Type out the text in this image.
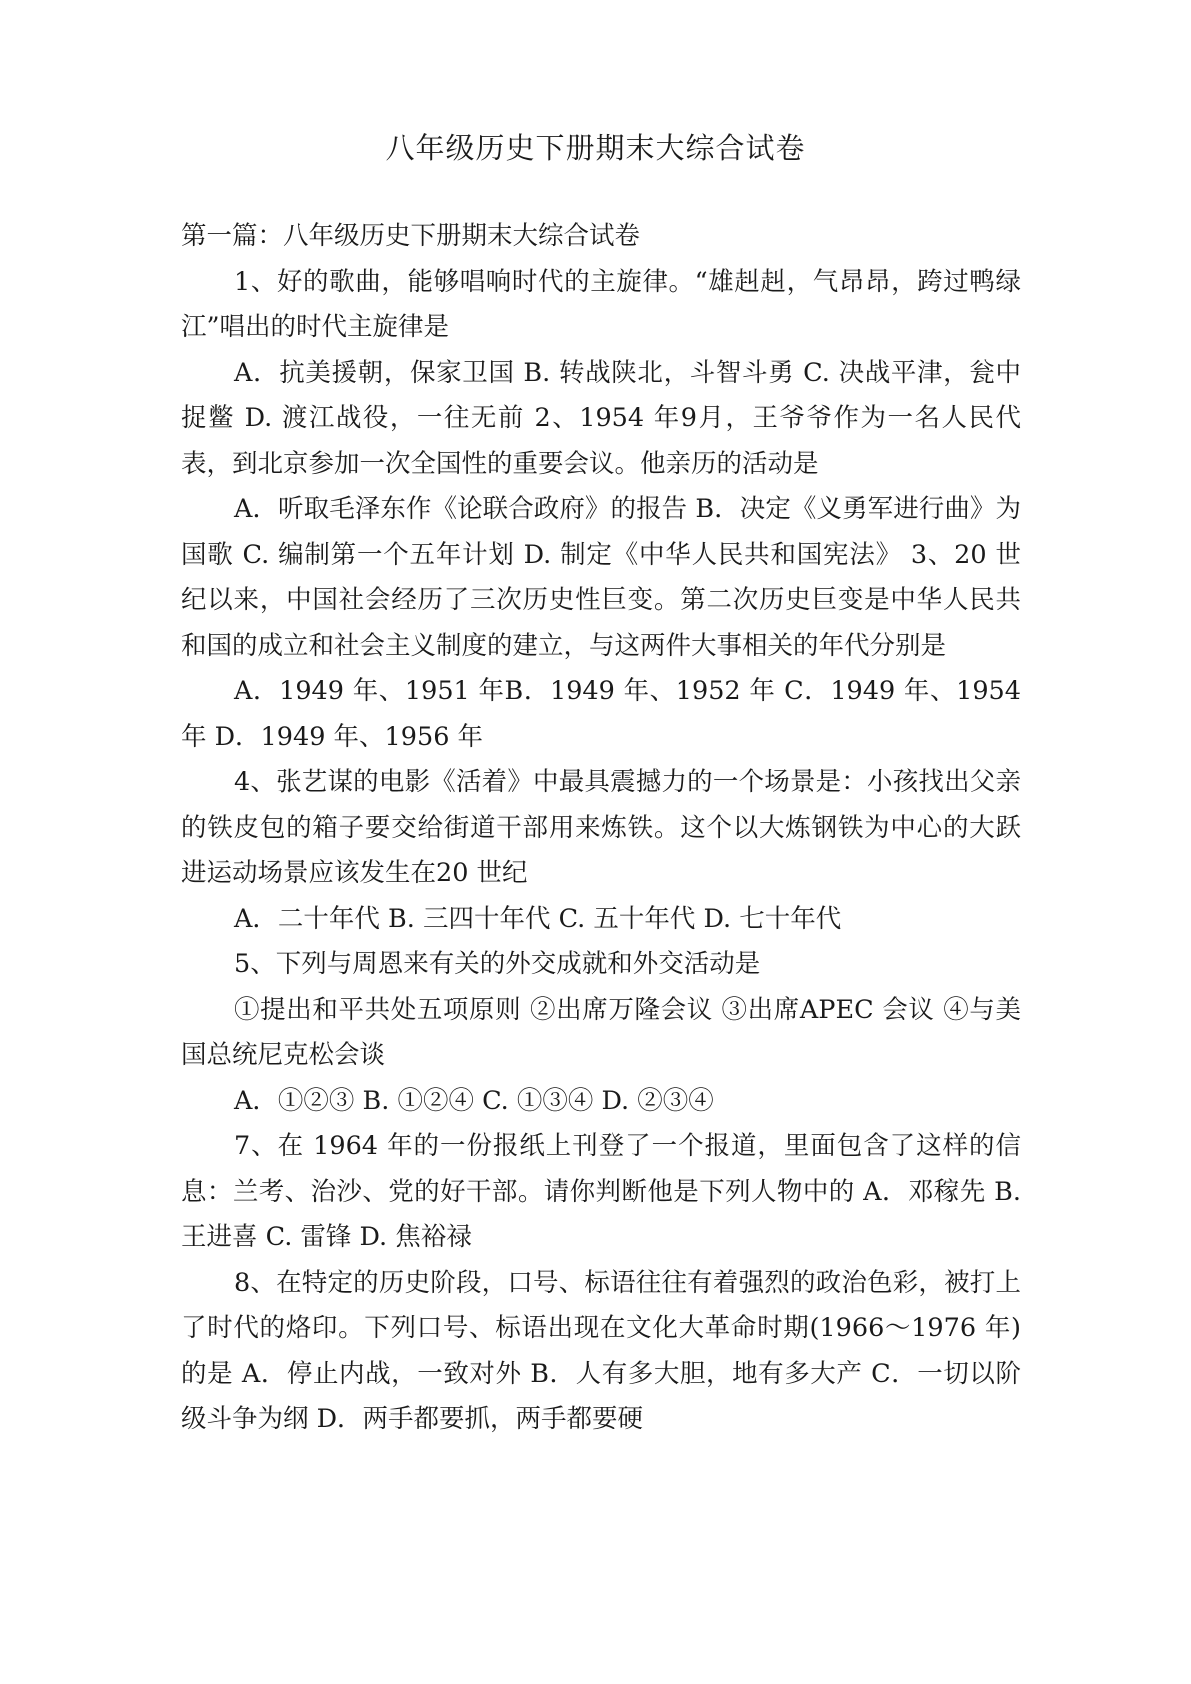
八年级历史下册期末大综合试卷

第一篇：八年级历史下册期末大综合试卷

1、好的歌曲，能够唱响时代的主旋律。“雄赳赳，气昂昂，跨过鸭绿江”唱出的时代主旋律是

A．抗美援朝，保家卫国 B. 转战陕北，斗智斗勇 C. 决战平津，瓮中捉鳖 D. 渡江战役，一往无前 2、1954 年9月，王爷爷作为一名人民代表，到北京参加一次全国性的重要会议。他亲历的活动是

A．听取毛泽东作《论联合政府》的报告 B．决定《义勇军进行曲》为国歌 C. 编制第一个五年计划 D. 制定《中华人民共和国宪法》 3、20 世纪以来，中国社会经历了三次历史性巨变。第二次历史巨变是中华人民共和国的成立和社会主义制度的建立，与这两件大事相关的年代分别是

A．1949 年、1951 年B．1949 年、1952 年 C．1949 年、1954 年 D．1949 年、1956 年

4、张艺谋的电影《活着》中最具震撼力的一个场景是：小孩找出父亲的铁皮包的箱子要交给街道干部用来炼铁。这个以大炼钢铁为中心的大跃进运动场景应该发生在20 世纪

A．二十年代 B. 三四十年代 C. 五十年代 D. 七十年代

5、下列与周恩来有关的外交成就和外交活动是

①提出和平共处五项原则 ②出席万隆会议 ③出席APEC 会议 ④与美国总统尼克松会谈

A．①②③ B. ①②④ C. ①③④ D. ②③④

7、在 1964 年的一份报纸上刊登了一个报道，里面包含了这样的信息：兰考、治沙、党的好干部。请你判断他是下列人物中的 A．邓稼先 B.王进喜 C. 雷锋 D. 焦裕禄

8、在特定的历史阶段，口号、标语往往有着强烈的政治色彩，被打上了时代的烙印。下列口号、标语出现在文化大革命时期(1966～1976 年)的是 A．停止内战，一致对外 B．人有多大胆，地有多大产 C．一切以阶级斗争为纲 D．两手都要抓，两手都要硬
